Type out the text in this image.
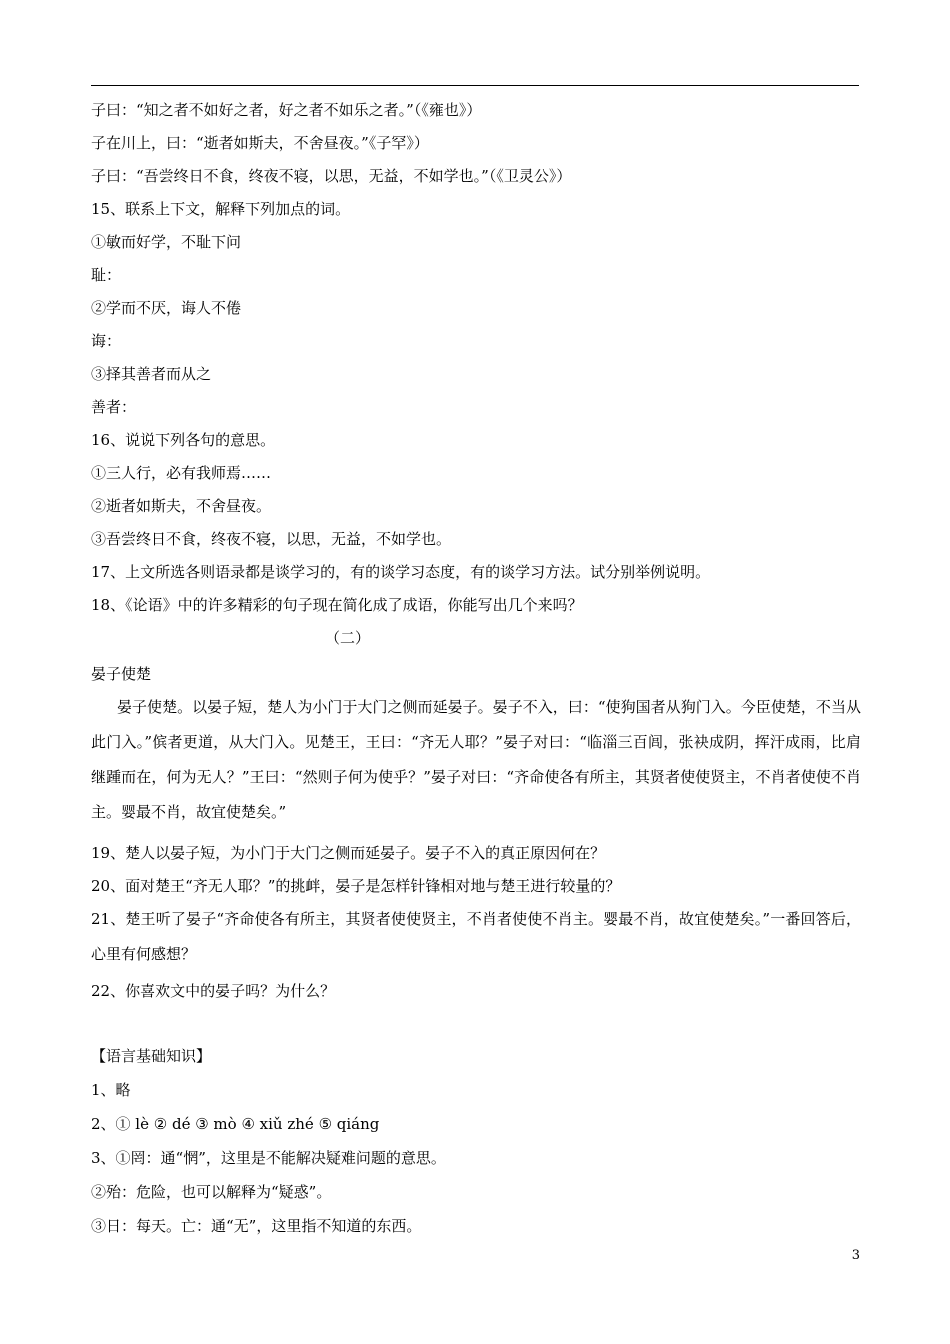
子曰：“知之者不如好之者，好之者不如乐之者。”（《雍也》）
子在川上，曰：“逝者如斯夫，不舍昼夜。”《子罕》）
子曰：“吾尝终日不食，终夜不寝，以思，无益，不如学也。”（《卫灵公》）
15、联系上下文，解释下列加点的词。
①敏而好学，不耻下问
耻：
②学而不厌，诲人不倦
诲：
③择其善者而从之
善者：
16、说说下列各句的意思。
①三人行，必有我师焉……
②逝者如斯夫，不舍昼夜。
③吾尝终日不食，终夜不寝，以思，无益，不如学也。
17、上文所选各则语录都是谈学习的，有的谈学习态度，有的谈学习方法。试分别举例说明。
18、《论语》中的许多精彩的句子现在简化成了成语，你能写出几个来吗？
（二）
晏子使楚
晏子使楚。以晏子短，楚人为小门于大门之侧而延晏子。晏子不入，曰：“使狗国者从狗门入。今臣使楚，不当从此门入。”傧者更道，从大门入。见楚王，王曰：“齐无人耶？”晏子对曰：“临淄三百闾，张袂成阴，挥汗成雨，比肩继踵而在，何为无人？”王曰：“然则子何为使乎？”晏子对曰：“齐命使各有所主，其贤者使使贤主，不肖者使使不肖主。婴最不肖，故宜使楚矣。”
19、楚人以晏子短，为小门于大门之侧而延晏子。晏子不入的真正原因何在？
20、面对楚王“齐无人耶？”的挑衅，晏子是怎样针锋相对地与楚王进行较量的？
21、楚王听了晏子“齐命使各有所主，其贤者使使贤主，不肖者使使不肖主。婴最不肖，故宜使楚矣。”一番回答后，心里有何感想？
22、你喜欢文中的晏子吗？为什么？
【语言基础知识】
1、略
2、① lè ② dé ③ mò ④ xiǔ zhé ⑤ qiáng
3、①罔：通“惘”，这里是不能解决疑难问题的意思。
②殆：危险，也可以解释为“疑惑”。
③日：每天。亡：通“无”，这里指不知道的东西。
3
